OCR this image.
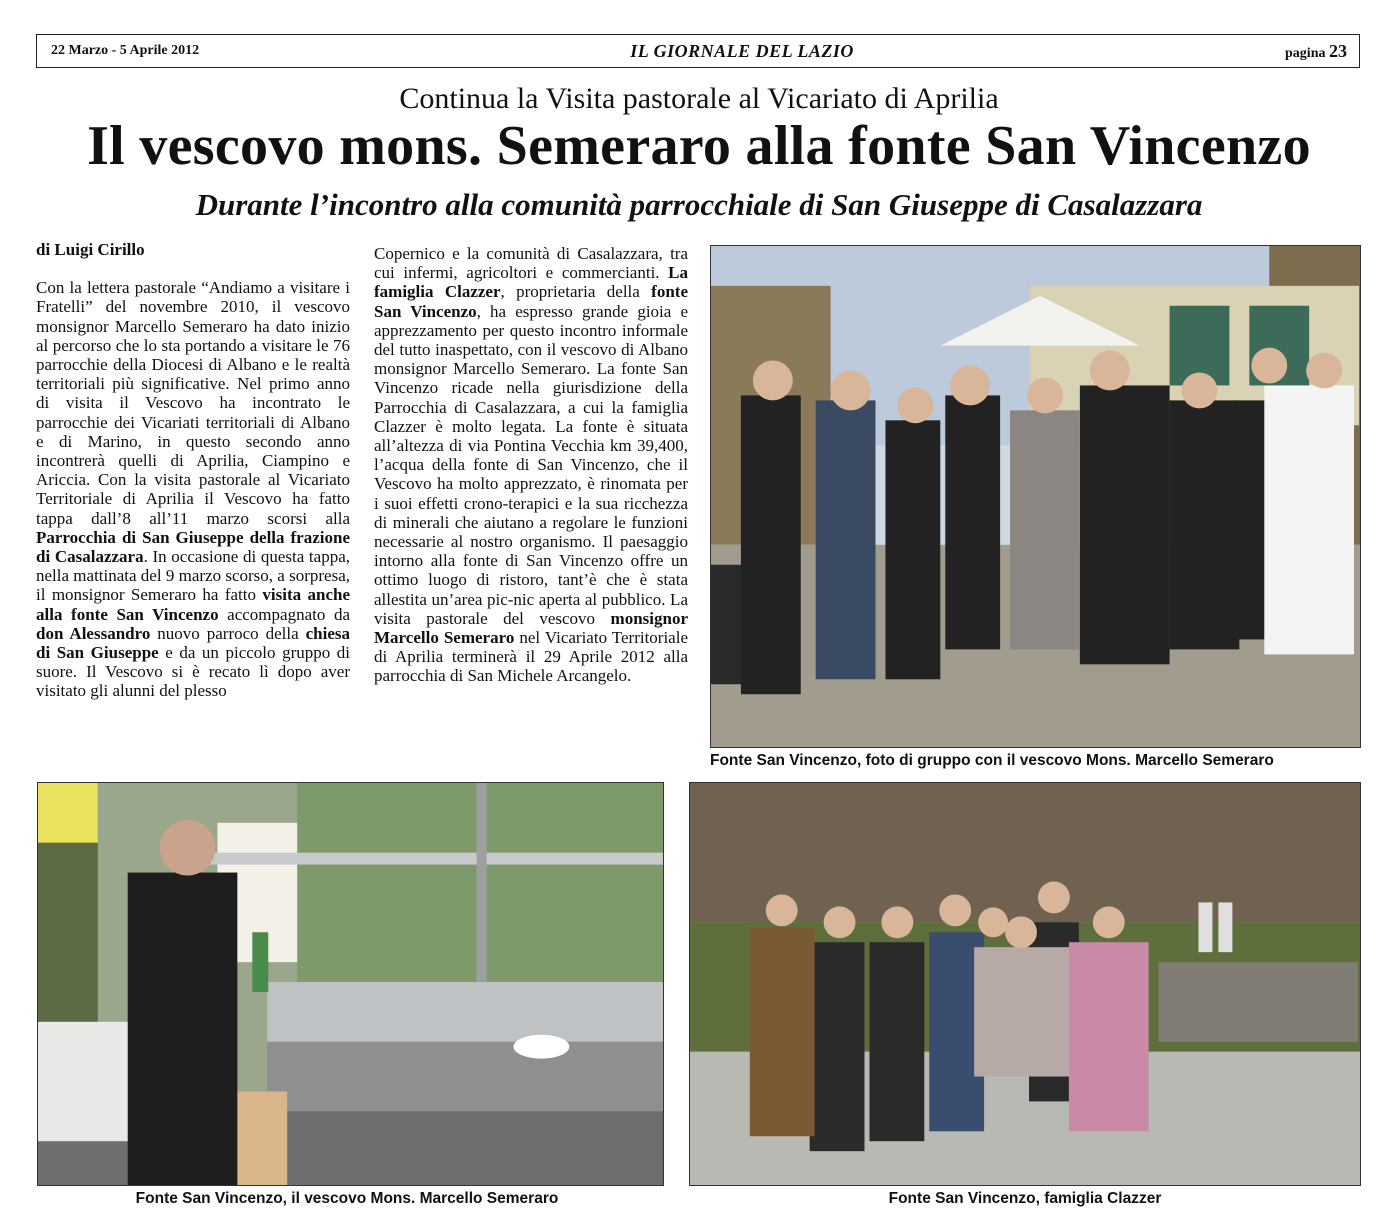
22 Marzo - 5 Aprile 2012	IL GIORNALE DEL LAZIO	pagina 23
Continua la Visita pastorale al Vicariato di Aprilia
Il vescovo mons. Semeraro alla fonte San Vincenzo
Durante l’incontro alla comunità parrocchiale di San Giuseppe di Casalazzara
di Luigi Cirillo

Con la lettera pastorale “Andiamo a visitare i Fratelli” del novembre 2010, il vescovo monsignor Marcello Semeraro ha dato inizio al percorso che lo sta portando a visitare le 76 parrocchie della Diocesi di Albano e le realtà territoriali più significative. Nel primo anno di visita il Vescovo ha incontrato le parrocchie dei Vicariati territoriali di Albano e di Marino, in questo secondo anno incontrerà quelli di Aprilia, Ciampino e Ariccia. Con la visita pastorale al Vicariato Territoriale di Aprilia il Vescovo ha fatto tappa dall’8 all’11 marzo scorsi alla Parrocchia di San Giuseppe della frazione di Casalazzara. In occasione di questa tappa, nella mattinata del 9 marzo scorso, a sorpresa, il monsignor Semeraro ha fatto visita anche alla fonte San Vincenzo accompagnato da don Alessandro nuovo parroco della chiesa di San Giuseppe e da un piccolo gruppo di suore. Il Vescovo si è recato lì dopo aver visitato gli alunni del plesso

Copernico e la comunità di Casalazzara, tra cui infermi, agricoltori e commercianti. La famiglia Clazzer, proprietaria della fonte San Vincenzo, ha espresso grande gioia e apprezzamento per questo incontro informale del tutto inaspettato, con il vescovo di Albano monsignor Marcello Semeraro. La fonte San Vincenzo ricade nella giurisdizione della Parrocchia di Casalazzara, a cui la famiglia Clazzer è molto legata. La fonte è situata all’altezza di via Pontina Vecchia km 39,400, l’acqua della fonte di San Vincenzo, che il Vescovo ha molto apprezzato, è rinomata per i suoi effetti crono-terapici e la sua ricchezza di minerali che aiutano a regolare le funzioni necessarie al nostro organismo. Il paesaggio intorno alla fonte di San Vincenzo offre un ottimo luogo di ristoro, tant’è che è stata allestita un’area pic-nic aperta al pubblico. La visita pastorale del vescovo monsignor Marcello Semeraro nel Vicariato Territoriale di Aprilia terminerà il 29 Aprile 2012 alla parrocchia di San Michele Arcangelo.

Fonte San Vincenzo, foto di gruppo con il vescovo Mons. Marcello Semeraro
Fonte San Vincenzo, il vescovo Mons. Marcello Semeraro	Fonte San Vincenzo, famiglia Clazzer
